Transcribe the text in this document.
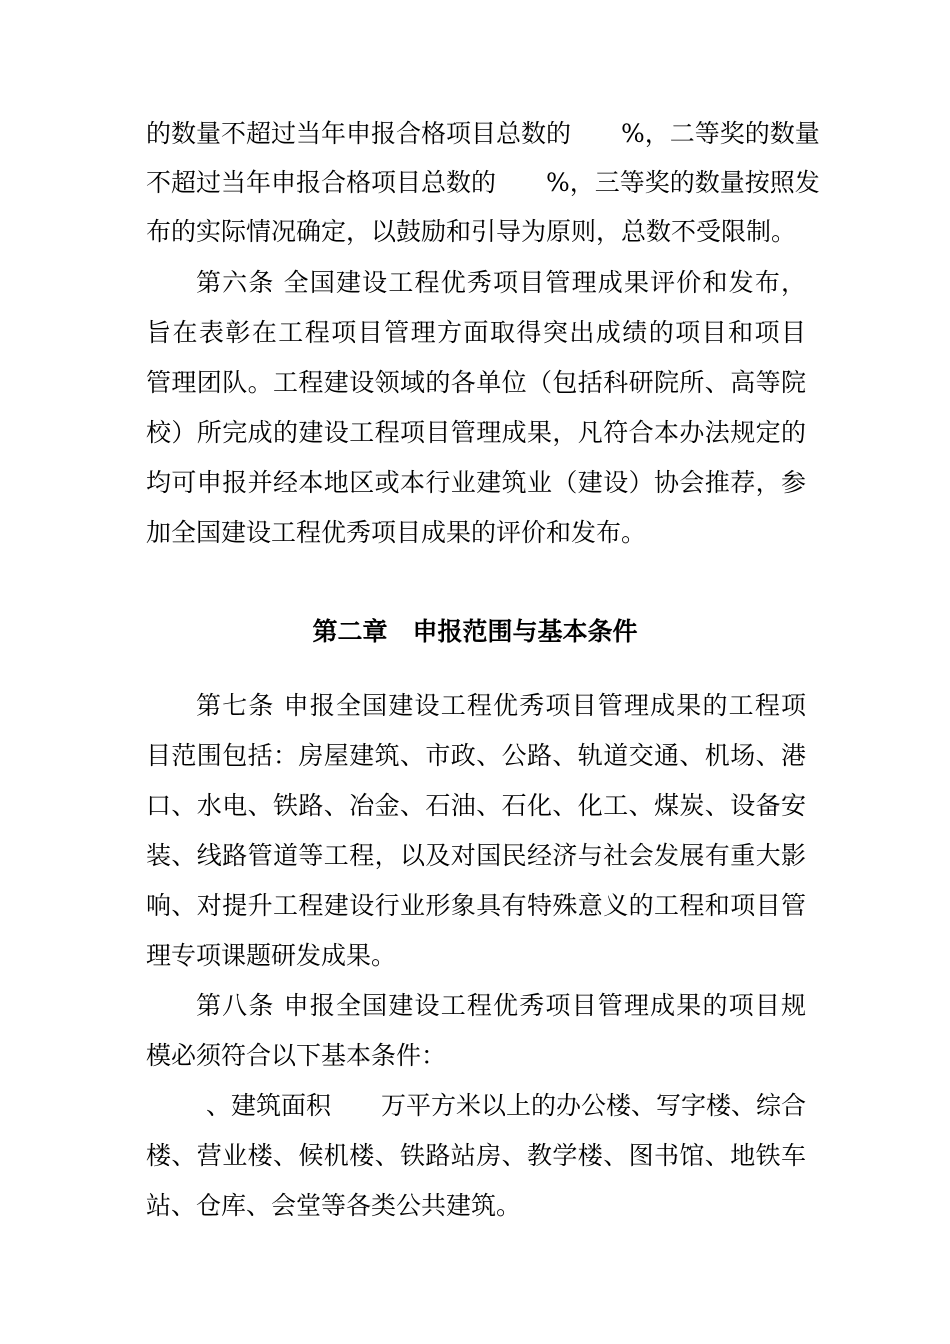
的数量不超过当年申报合格项目总数的　　%，二等奖的数量
不超过当年申报合格项目总数的　　%，三等奖的数量按照发
布的实际情况确定，以鼓励和引导为原则，总数不受限制。
第六条 全国建设工程优秀项目管理成果评价和发布，
旨在表彰在工程项目管理方面取得突出成绩的项目和项目
管理团队。工程建设领域的各单位（包括科研院所、高等院
校）所完成的建设工程项目管理成果，凡符合本办法规定的
均可申报并经本地区或本行业建筑业（建设）协会推荐，参
加全国建设工程优秀项目成果的评价和发布。
第二章　申报范围与基本条件
第七条 申报全国建设工程优秀项目管理成果的工程项
目范围包括：房屋建筑、市政、公路、轨道交通、机场、港
口、水电、铁路、冶金、石油、石化、化工、煤炭、设备安
装、线路管道等工程，以及对国民经济与社会发展有重大影
响、对提升工程建设行业形象具有特殊意义的工程和项目管
理专项课题研发成果。
第八条 申报全国建设工程优秀项目管理成果的项目规
模必须符合以下基本条件：
、建筑面积　　万平方米以上的办公楼、写字楼、综合
楼、营业楼、候机楼、铁路站房、教学楼、图书馆、地铁车
站、仓库、会堂等各类公共建筑。
